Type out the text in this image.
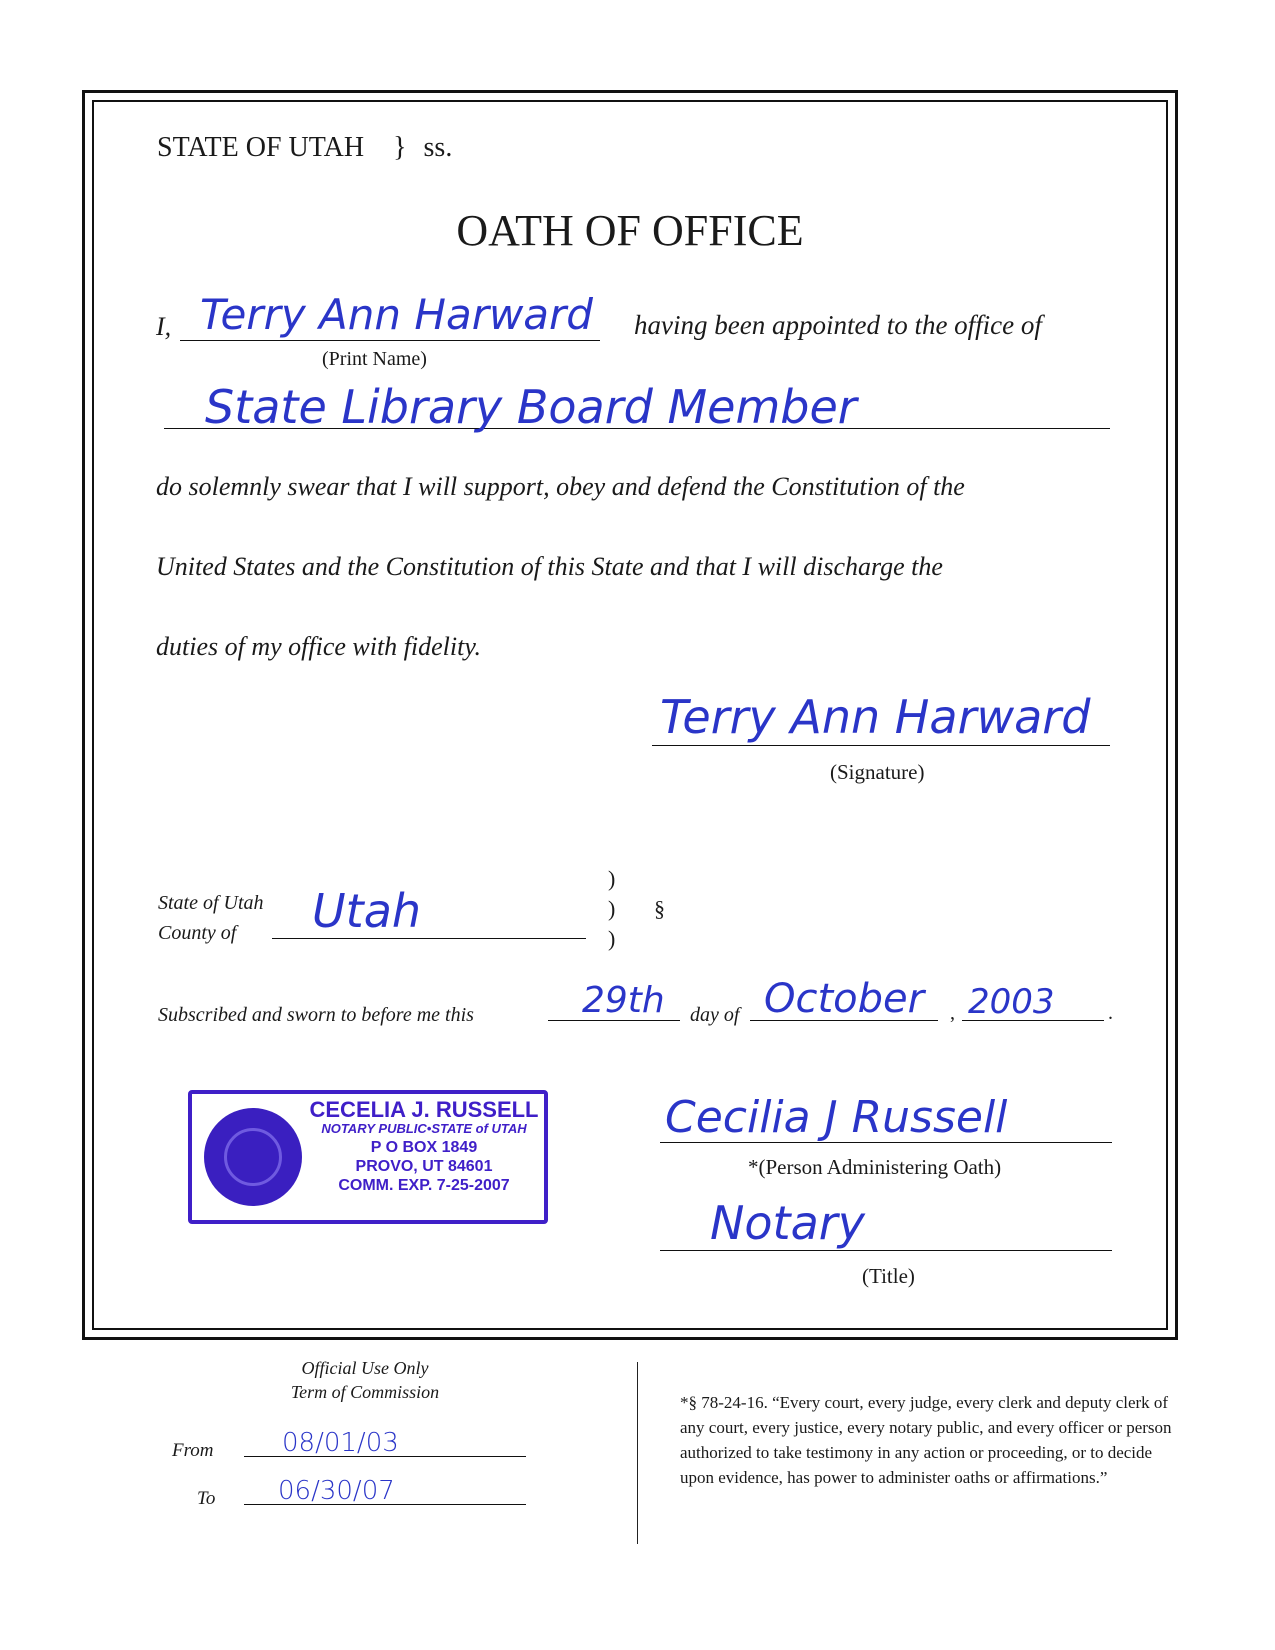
STATE OF UTAH } ss.
OATH OF OFFICE
I, Terry Ann Harward
(Print Name)
having been appointed to the office of
State Library Board Member
do solemnly swear that I will support, obey and defend the Constitution of the
United States and the Constitution of this State and that I will discharge the
duties of my office with fidelity.
Terry Ann Harward
(Signature)
State of Utah
County of Utah
)
)
)
§
Subscribed and sworn to before me this	29th day of October , 2003	.
CECELIA J. RUSSELL
NOTARY PUBLIC•STATE of UTAH
P O BOX 1849
PROVO, UT 84601
COMM. EXP. 7-25-2007
Cecilia J Russell
*(Person Administering Oath)
Notary
(Title)
Official Use Only
Term of Commission
From	08/01/03
To 06/30/07
*§ 78-24-16. “Every court, every judge, every clerk and deputy clerk of any court, every justice, every notary public, and every officer or person authorized to take testimony in any action or proceeding, or to decide upon evidence, has power to administer oaths or affirmations.”
